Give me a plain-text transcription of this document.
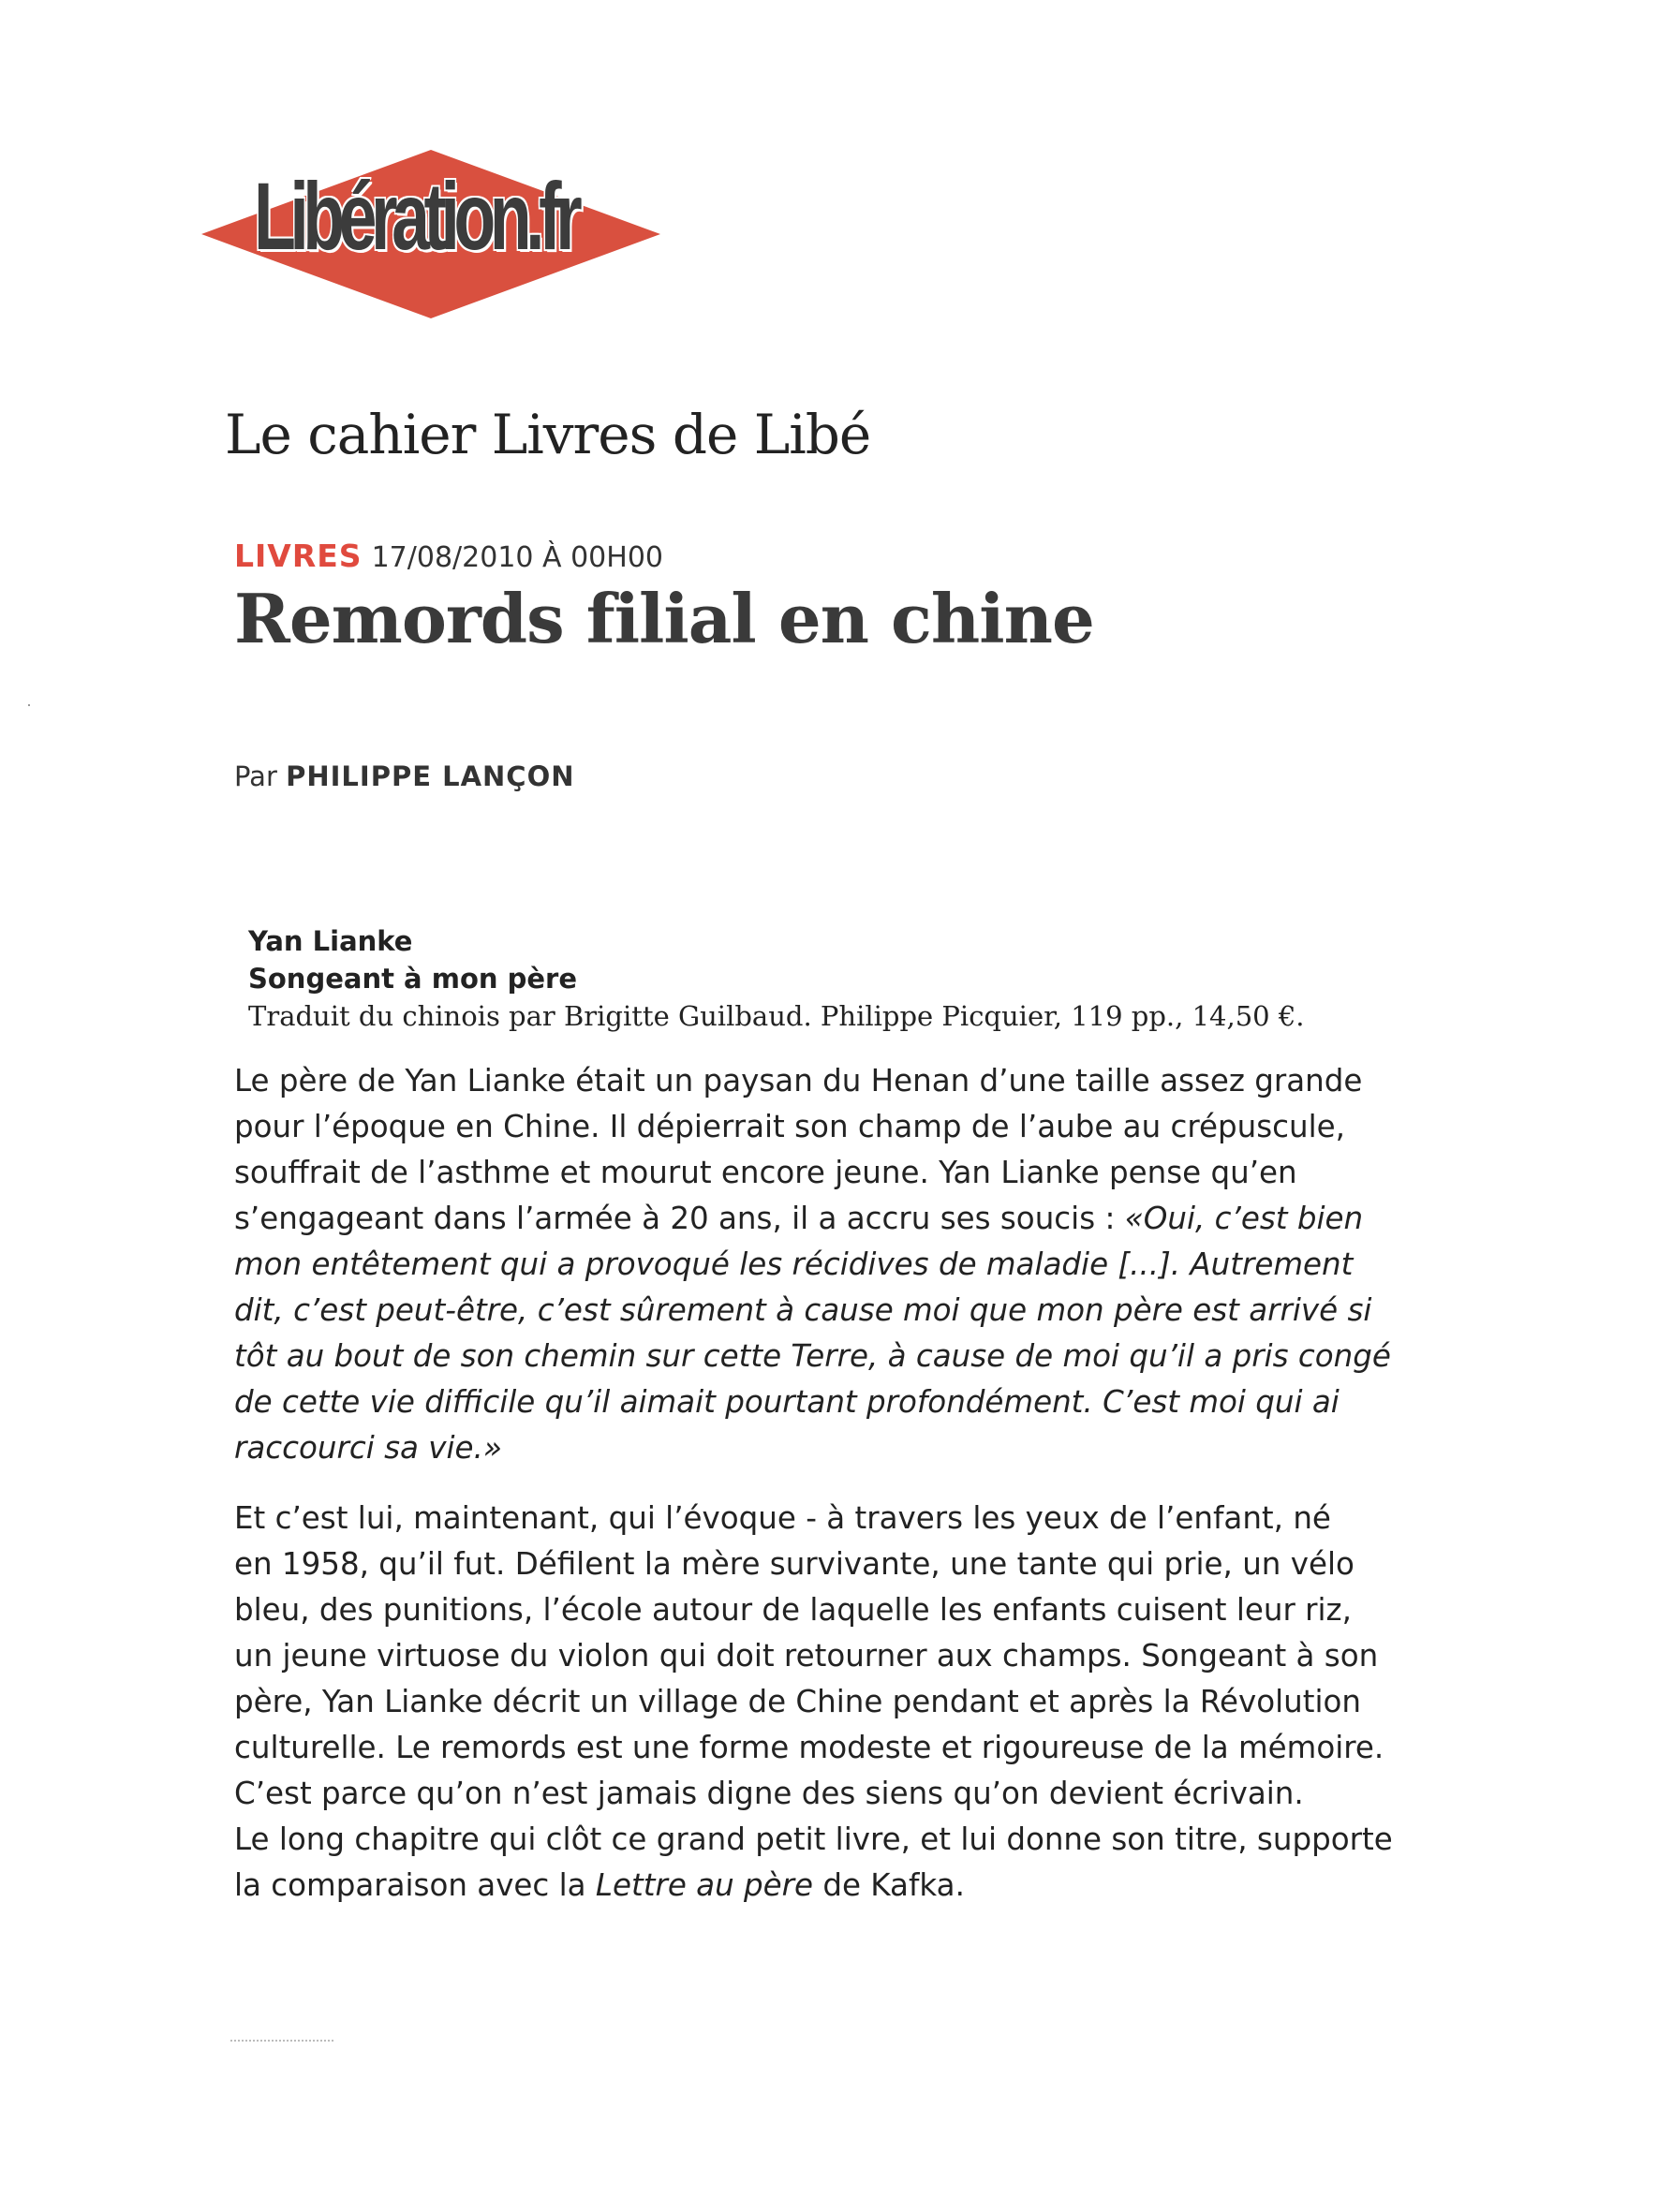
Libération.fr
Le cahier Livres de Libé
LIVRES 17/08/2010 À 00H00
Remords filial en chine
Par PHILIPPE LANÇON
Yan Lianke
Songeant à mon père
Traduit du chinois par Brigitte Guilbaud. Philippe Picquier, 119 pp., 14,50 €.

Le père de Yan Lianke était un paysan du Henan d’une taille assez grande
pour l’époque en Chine. Il dépierrait son champ de l’aube au crépuscule,
souffrait de l’asthme et mourut encore jeune. Yan Lianke pense qu’en
s’engageant dans l’armée à 20 ans, il a accru ses soucis : «Oui, c’est bien
mon entêtement qui a provoqué les récidives de maladie [...]. Autrement
dit, c’est peut-être, c’est sûrement à cause moi que mon père est arrivé si
tôt au bout de son chemin sur cette Terre, à cause de moi qu’il a pris congé
de cette vie difficile qu’il aimait pourtant profondément. C’est moi qui ai
raccourci sa vie.»

Et c’est lui, maintenant, qui l’évoque - à travers les yeux de l’enfant, né
en 1958, qu’il fut. Défilent la mère survivante, une tante qui prie, un vélo
bleu, des punitions, l’école autour de laquelle les enfants cuisent leur riz,
un jeune virtuose du violon qui doit retourner aux champs. Songeant à son
père, Yan Lianke décrit un village de Chine pendant et après la Révolution
culturelle. Le remords est une forme modeste et rigoureuse de la mémoire.
C’est parce qu’on n’est jamais digne des siens qu’on devient écrivain.
Le long chapitre qui clôt ce grand petit livre, et lui donne son titre, supporte
la comparaison avec la Lettre au père de Kafka.
